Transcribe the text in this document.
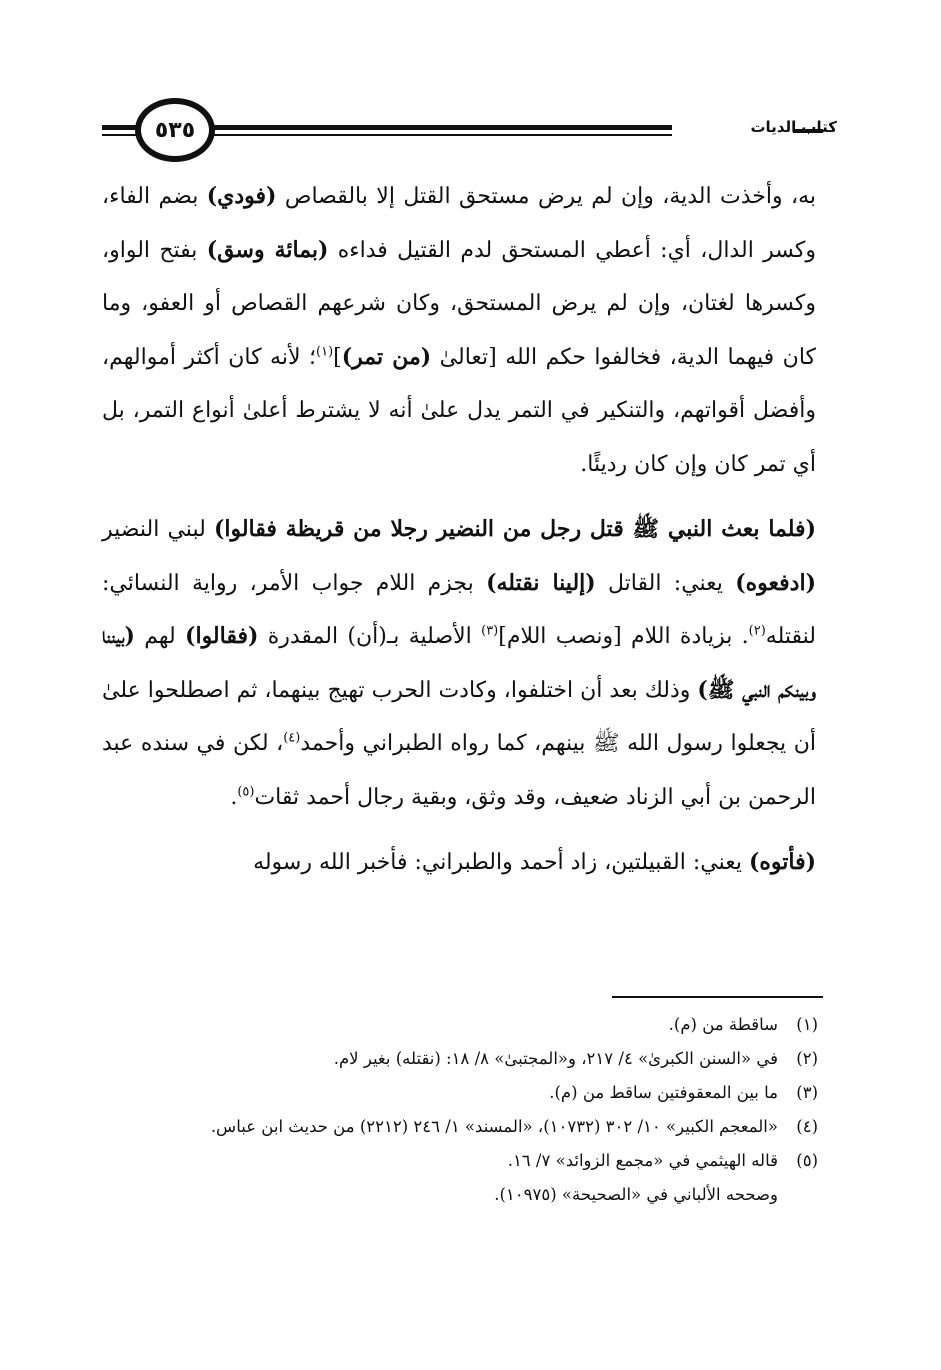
كتاب الديات
٥٣٥

به، وأخذت الدية، وإن لم يرض مستحق القتل إلا بالقصاص (فودي) بضم الفاء، وكسر الدال، أي: أعطي المستحق لدم القتيل فداءه (بمائة وسق) بفتح الواو، وكسرها لغتان، وإن لم يرض المستحق، وكان شرعهم القصاص أو العفو، وما كان فيهما الدية، فخالفوا حكم الله [تعالىٰ (من تمر)]$^{(١)}$؛ لأنه كان أكثر أموالهم، وأفضل أقواتهم، والتنكير في التمر يدل علىٰ أنه لا يشترط أعلىٰ أنواع التمر، بل أي تمر كان وإن كان رديئًا.

(فلما بعث النبي ﷺ قتل رجل من النضير رجلا من قريظة فقالوا) لبني النضير (ادفعوه) يعني: القاتل (إلينا نقتله) بجزم اللام جواب الأمر، رواية النسائي: لنقتله$^{(٢)}$. بزيادة اللام [ونصب اللام]$^{(٣)}$ الأصلية بـ(أن) المقدرة (فقالوا) لهم (بيننا وبينكم النبي ﷺ) وذلك بعد أن اختلفوا، وكادت الحرب تهيج بينهما، ثم اصطلحوا علىٰ أن يجعلوا رسول الله ﷺ بينهم، كما رواه الطبراني وأحمد$^{(٤)}$، لكن في سنده عبد الرحمن بن أبي الزناد ضعيف، وقد وثق، وبقية رجال أحمد ثقات$^{(٥)}$.

(فأتوه) يعني: القبيلتين، زاد أحمد والطبراني: فأخبر الله رسوله

(١)
ساقطة من (م).
(٢)
في «السنن الكبرىٰ» ٤/ ٢١٧، و«المجتبىٰ» ٨/ ١٨: (نقتله) بغير لام.
(٣)
ما بين المعقوفتين ساقط من (م).
(٤)
«المعجم الكبير» ١٠/ ٣٠٢ (١٠٧٣٢)، «المسند» ١/ ٢٤٦ (٢٢١٢) من حديث ابن عباس.
(٥)
قاله الهيثمي في «مجمع الزوائد» ٧/ ١٦.
وصححه الألباني في «الصحيحة» (١٠٩٧٥).
